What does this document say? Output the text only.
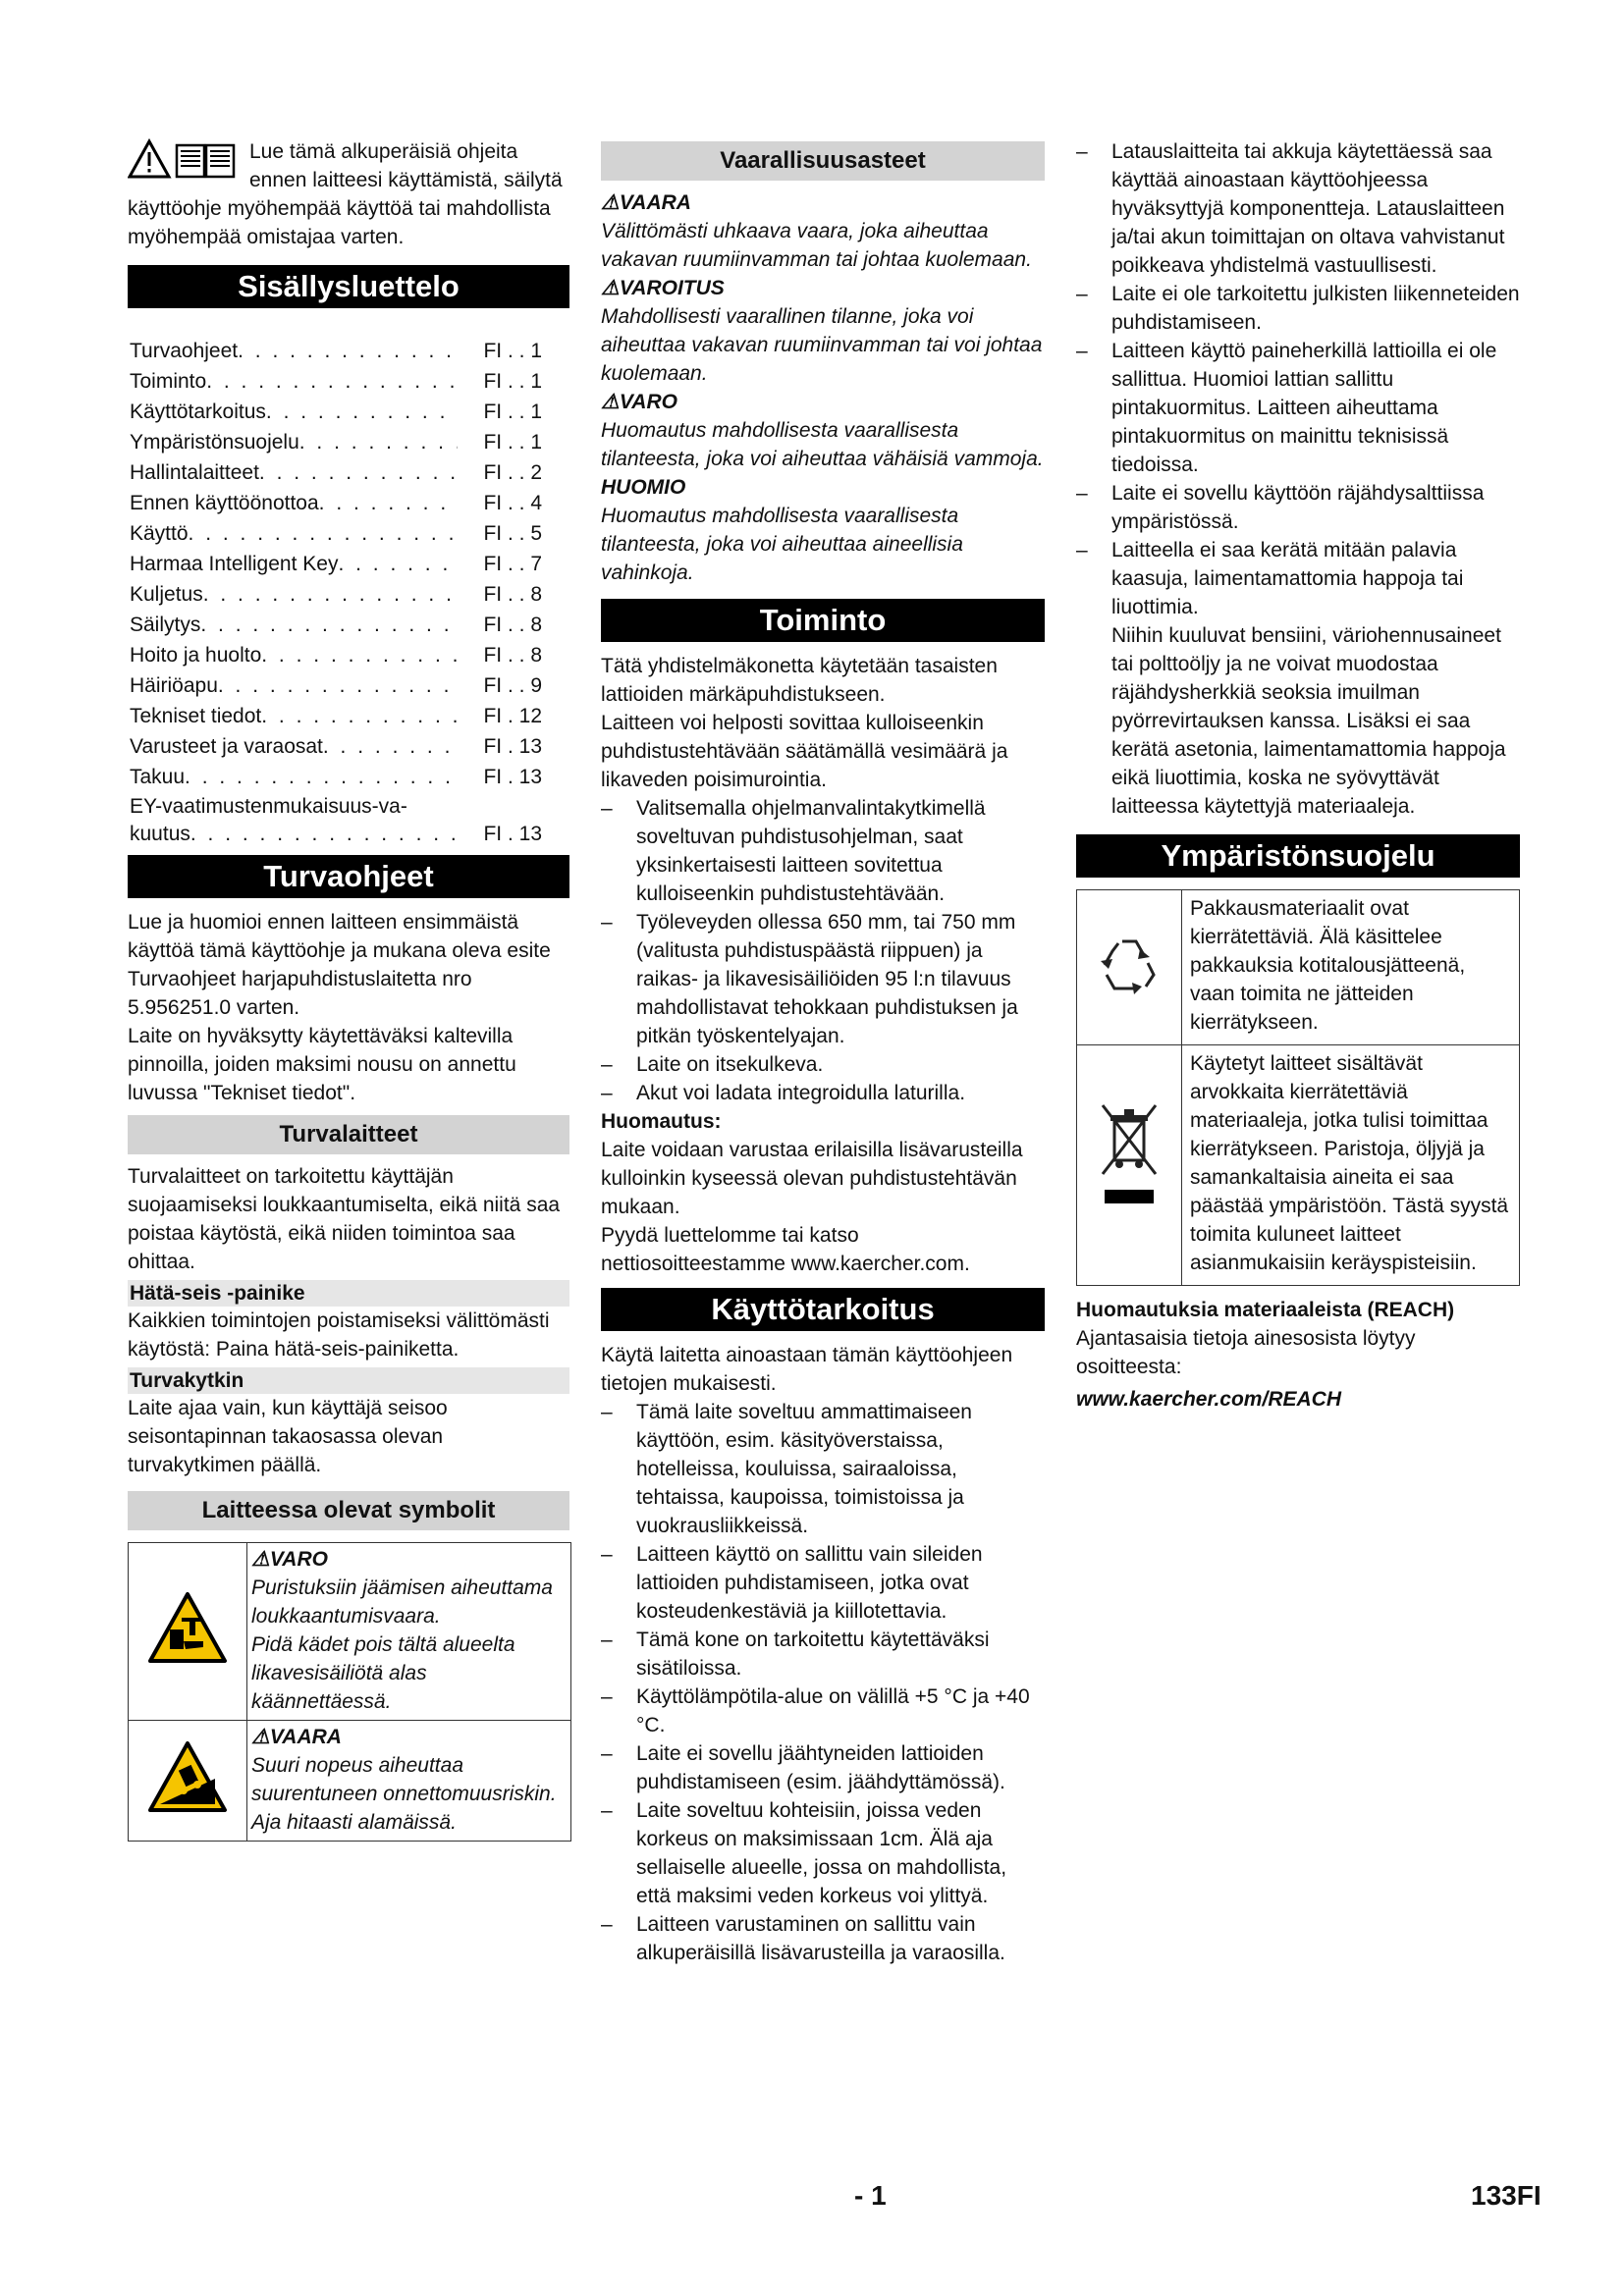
Lue tämä alkuperäisiä ohjeita ennen laitteesi käyttämistä, säilytä käyttöohje myöhempää käyttöä tai mahdollista myöhempää omistajaa varten.

Sisällysluettelo
Turvaohjeet . . .	FI . . 1
Toiminto . . .	FI . . 1
Käyttötarkoitus . . .	FI . . 1
Ympäristönsuojelu . . .	FI . . 1
Hallintalaitteet . . .	FI . . 2
Ennen käyttöönottoa . . .	FI . . 4
Käyttö . . .	FI . . 5
Harmaa Intelligent Key . . .	FI . . 7
Kuljetus . . .	FI . . 8
Säilytys . . .	FI . . 8
Hoito ja huolto . . .	FI . . 8
Häiriöapu . . .	FI . . 9
Tekniset tiedot . . .	FI . 12
Varusteet ja varaosat . . .	FI . 13
Takuu . . .	FI . 13
EY-vaatimustenmukaisuus-va-
kuutus . . .	FI . 13
Turvaohjeet

Lue ja huomioi ennen laitteen ensimmäistä käyttöä tämä käyttöohje ja mukana oleva esite Turvaohjeet harjapuhdistuslaitetta nro 5.956251.0 varten.

Laite on hyväksytty käytettäväksi kaltevilla pinnoilla, joiden maksimi nousu on annettu luvussa "Tekniset tiedot".

Turvalaitteet

Turvalaitteet on tarkoitettu käyttäjän suojaamiseksi loukkaantumiselta, eikä niitä saa poistaa käytöstä, eikä niiden toimintoa saa ohittaa.

Hätä-seis -painike

Kaikkien toimintojen poistamiseksi välittömästi käytöstä: Paina hätä-seis-painiketta.

Turvakytkin

Laite ajaa vain, kun käyttäjä seisoo seisontapinnan takaosassa olevan turvakytkimen päällä.

Laitteessa olevat symbolit

⚠VARO
Puristuksiin jäämisen aiheuttama loukkaantumisvaara.
Pidä kädet pois tältä alueelta likavesisäiliötä alas käännettäessä.

⚠VAARA
Suuri nopeus aiheuttaa suurentuneen onnettomuusriskin.
Aja hitaasti alamäissä.
Vaarallisuusasteet
⚠VAARA
Välittömästi uhkaava vaara, joka aiheuttaa vakavan ruumiinvamman tai johtaa kuolemaan.
⚠VAROITUS
Mahdollisesti vaarallinen tilanne, joka voi aiheuttaa vakavan ruumiinvamman tai voi johtaa kuolemaan.
⚠VARO
Huomautus mahdollisesta vaarallisesta tilanteesta, joka voi aiheuttaa vähäisiä vammoja.
HUOMIO
Huomautus mahdollisesta vaarallisesta tilanteesta, joka voi aiheuttaa aineellisia vahinkoja.
Toiminto

Tätä yhdistelmäkonetta käytetään tasaisten lattioiden märkäpuhdistukseen.

Laitteen voi helposti sovittaa kulloiseenkin puhdistustehtävään säätämällä vesimäärä ja likaveden poisimurointia.

– Valitsemalla ohjelmanvalintakytkimellä soveltuvan puhdistusohjelman, saat yksinkertaisesti laitteen sovitettua kulloiseenkin puhdistustehtävään.

– Työleveyden ollessa 650 mm, tai 750 mm (valitusta puhdistuspäästä riippuen) ja raikas- ja likavesisäiliöiden 95 l:n tilavuus mahdollistavat tehokkaan puhdistuksen ja pitkän työskentelyajan.

– Laite on itsekulkeva.

– Akut voi ladata integroidulla laturilla.

Huomautus:

Laite voidaan varustaa erilaisilla lisävarusteilla kulloinkin kyseessä olevan puhdistustehtävän mukaan.

Pyydä luettelomme tai katso nettiosoitteestamme www.kaercher.com.

Käyttötarkoitus

Käytä laitetta ainoastaan tämän käyttöohjeen tietojen mukaisesti.

– Tämä laite soveltuu ammattimaiseen käyttöön, esim. käsityöverstaissa, hotelleissa, kouluissa, sairaaloissa, tehtaissa, kaupoissa, toimistoissa ja vuokrausliikkeissä.

– Laitteen käyttö on sallittu vain sileiden lattioiden puhdistamiseen, jotka ovat kosteudenkestäviä ja kiillotettavia.

– Tämä kone on tarkoitettu käytettäväksi sisätiloissa.

– Käyttölämpötila-alue on välillä +5 °C ja +40 °C.

– Laite ei sovellu jäähtyneiden lattioiden puhdistamiseen (esim. jäähdyttämössä).

– Laite soveltuu kohteisiin, joissa veden korkeus on maksimissaan 1cm. Älä aja sellaiselle alueelle, jossa on mahdollista, että maksimi veden korkeus voi ylittyä.

– Laitteen varustaminen on sallittu vain alkuperäisillä lisävarusteilla ja varaosilla.

– Latauslaitteita tai akkuja käytettäessä saa käyttää ainoastaan käyttöohjeessa hyväksyttyjä komponenttеja. Latauslaitteen ja/tai akun toimittajan on oltava vahvistanut poikkeava yhdistelmä vastuullisesti.

– Laite ei ole tarkoitettu julkisten liikenneteiden puhdistamiseen.

– Laitteen käyttö paineherkillä lattioilla ei ole sallittua. Huomioi lattian sallittu pintakuormitus. Laitteen aiheuttama pintakuormitus on mainittu teknisissä tiedoissa.

– Laite ei sovellu käyttöön räjähdysalttiissa ympäristössä.

– Laitteella ei saa kerätä mitään palavia kaasuja, laimentamattomia happoja tai liuottimia.

Niihin kuuluvat bensiini, väriohennusaineet tai polttoöljy ja ne voivat muodostaa räjähdysherkkiä seoksia imuilman pyörrevirtauksen kanssa. Lisäksi ei saa kerätä asetonia, laimentamattomia happoja eikä liuottimia, koska ne syövyttävät laitteessa käytettyjä materiaaleja.

Ympäristönsuojelu
	Pakkausmateriaalit ovat kierrätettäviä. Älä käsittelee pakkauksia kotitalousjätteenä, vaan toimita ne jätteiden kierrätykseen.
	Käytetyt laitteet sisältävät arvokkaita kierrätettäviä materiaaleja, jotka tulisi toimittaa kierrätykseen. Paristoja, öljyjä ja samankaltaisia aineita ei saa päästää ympäristöön. Tästä syystä toimita kuluneet laitteet asianmukaisiin keräyspisteisiin.

Huomautuksia materiaaleista (REACH)

Ajantasaisia tietoja ainesosista löytyy osoitteesta:

www.kaercher.com/REACH

- 1	133FI
